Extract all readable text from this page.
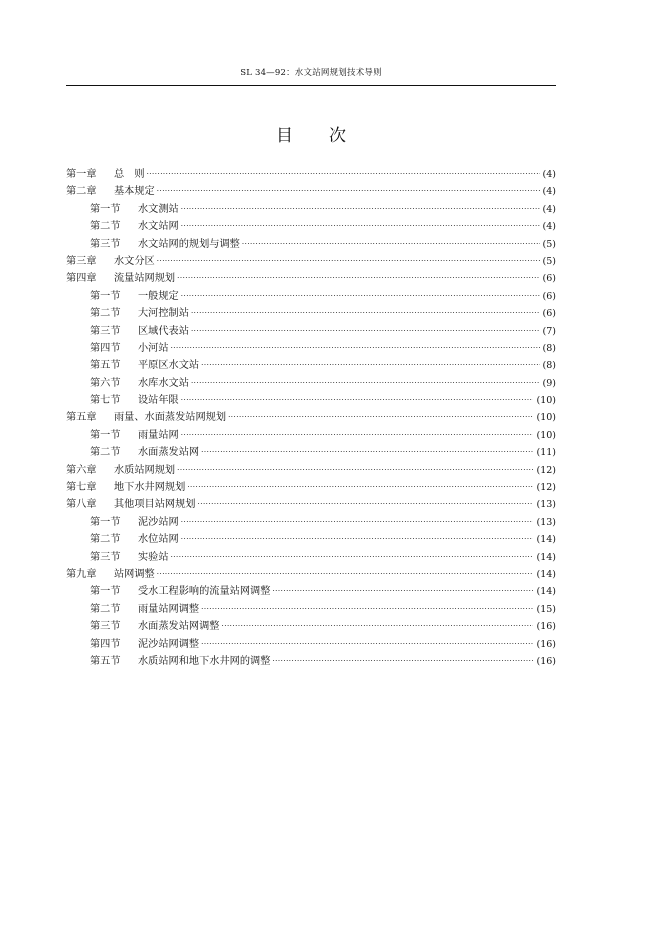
SL 34—92：水文站网规划技术导则
目 次
第一章	总　则 ·····	(4)
第二章	基本规定 ·····	(4)
第一节	水文测站 ·····	(4)
第二节	水文站网 ·····	(4)
第三节	水文站网的规划与调整 ·····	(5)
第三章	水文分区 ·····	(5)
第四章	流量站网规划 ·····	(6)
第一节	一般规定 ·····	(6)
第二节	大河控制站 ·····	(6)
第三节	区域代表站 ·····	(7)
第四节	小河站 ·····	(8)
第五节	平原区水文站 ·····	(8)
第六节	水库水文站 ·····	(9)
第七节	设站年限 ·····	(10)
第五章	雨量、水面蒸发站网规划 ·····	(10)
第一节	雨量站网 ·····	(10)
第二节	水面蒸发站网 ·····	(11)
第六章	水质站网规划 ·····	(12)
第七章	地下水井网规划 ·····	(12)
第八章	其他项目站网规划 ·····	(13)
第一节	泥沙站网 ·····	(13)
第二节	水位站网 ·····	(14)
第三节	实验站 ·····	(14)
第九章	站网调整 ·····	(14)
第一节	受水工程影响的流量站网调整 ·····	(14)
第二节	雨量站网调整 ·····	(15)
第三节	水面蒸发站网调整 ·····	(16)
第四节	泥沙站网调整 ·····	(16)
第五节	水质站网和地下水井网的调整 ·····	(16)
